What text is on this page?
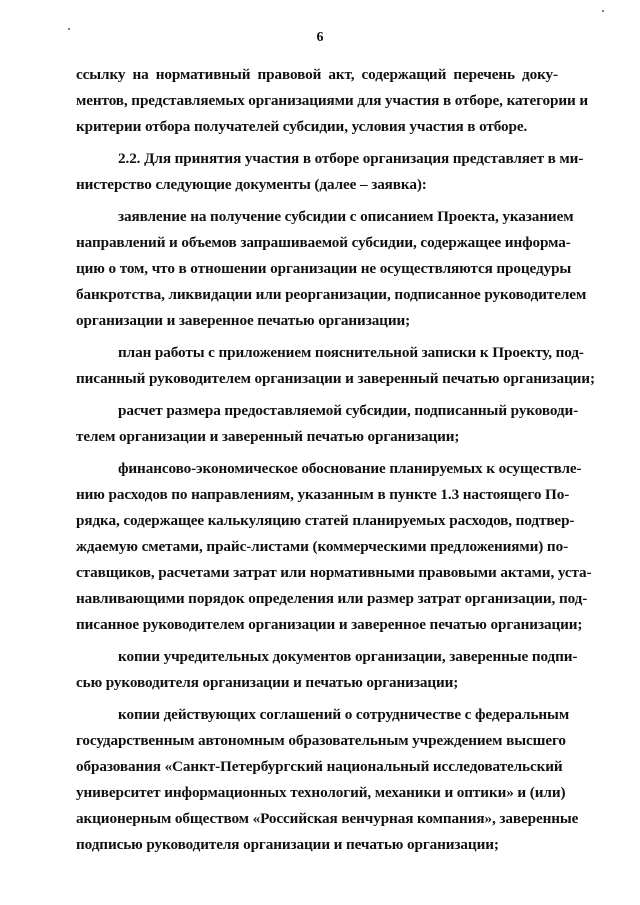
6
ссылку на нормативный правовой акт, содержащий перечень доку-
ментов, представляемых организациями для участия в отборе, категории и
критерии отбора получателей субсидии, условия участия в отборе.
2.2. Для принятия участия в отборе организация представляет в ми-
нистерство следующие документы (далее – заявка):
заявление на получение субсидии с описанием Проекта, указанием
направлений и объемов запрашиваемой субсидии, содержащее информа-
цию о том, что в отношении организации не осуществляются процедуры
банкротства, ликвидации или реорганизации, подписанное руководителем
организации и заверенное печатью организации;
план работы с приложением пояснительной записки к Проекту, под-
писанный руководителем организации и заверенный печатью организации;
расчет размера предоставляемой субсидии, подписанный руководи-
телем организации и заверенный печатью организации;
финансово-экономическое обоснование планируемых к осуществле-
нию расходов по направлениям, указанным в пункте 1.3 настоящего По-
рядка, содержащее калькуляцию статей планируемых расходов, подтвер-
ждаемую сметами, прайс-листами (коммерческими предложениями) по-
ставщиков, расчетами затрат или нормативными правовыми актами, уста-
навливающими порядок определения или размер затрат организации, под-
писанное руководителем организации и заверенное печатью организации;
копии учредительных документов организации, заверенные подпи-
сью руководителя организации и печатью организации;
копии действующих соглашений о сотрудничестве с федеральным
государственным автономным образовательным учреждением высшего
образования «Санкт-Петербургский национальный исследовательский
университет информационных технологий, механики и оптики» и (или)
акционерным обществом «Российская венчурная компания», заверенные
подписью руководителя организации и печатью организации;
